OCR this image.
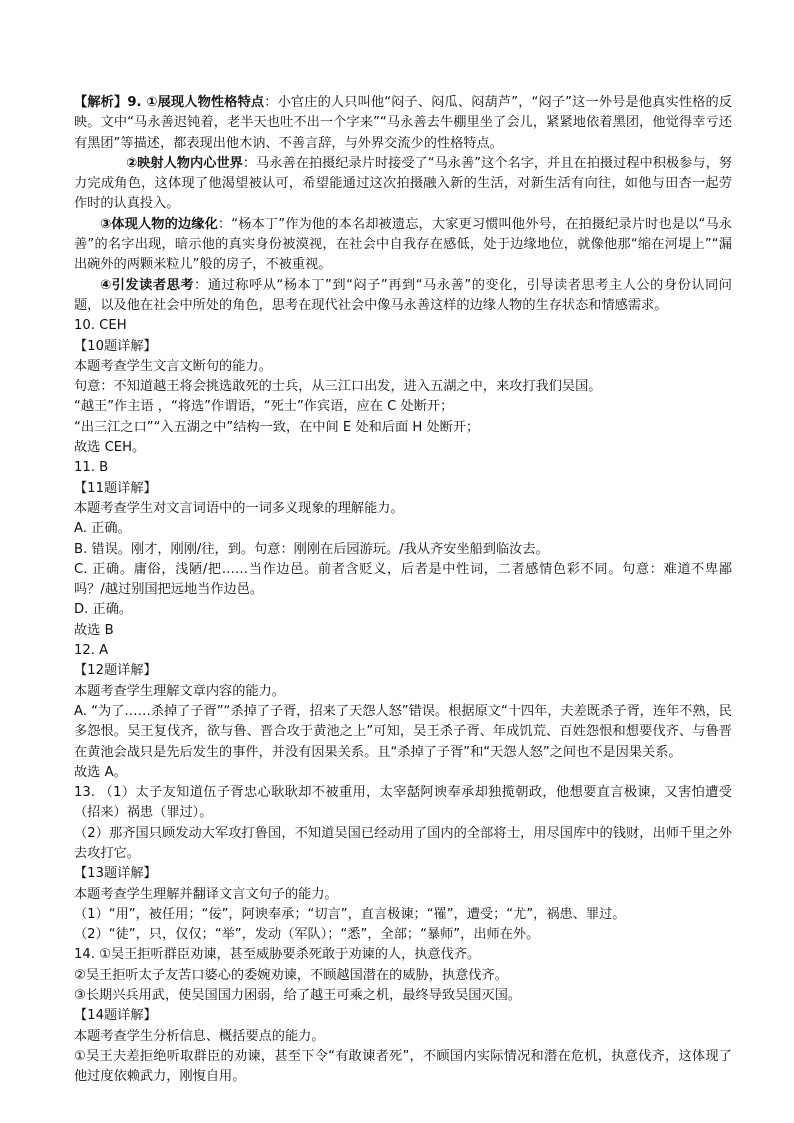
【解析】9. ①展现人物性格特点：小官庄的人只叫他“闷子、闷瓜、闷葫芦”，“闷子”这一外号是他真实性格的反映。文中“马永善迟钝着，老半天也吐不出一个字来”“马永善去牛棚里坐了会儿，紧紧地依着黑团，他觉得幸亏还有黑团”等描述，都表现出他木讷、不善言辞，与外界交流少的性格特点。

②映射人物内心世界：马永善在拍摄纪录片时接受了“马永善”这个名字，并且在拍摄过程中积极参与，努力完成角色，这体现了他渴望被认可，希望能通过这次拍摄融入新的生活，对新生活有向往，如他与田杏一起劳作时的认真投入。

③体现人物的边缘化：“杨本丁”作为他的本名却被遗忘，大家更习惯叫他外号，在拍摄纪录片时也是以“马永善”的名字出现，暗示他的真实身份被漠视，在社会中自我存在感低，处于边缘地位，就像他那“缩在河堤上”“漏出碗外的两颗米粒儿”般的房子，不被重视。

④引发读者思考：通过称呼从“杨本丁”到“闷子”再到“马永善”的变化，引导读者思考主人公的身份认同问题，以及他在社会中所处的角色，思考在现代社会中像马永善这样的边缘人物的生存状态和情感需求。

10. CEH

【10题详解】

本题考查学生文言文断句的能力。

句意：不知道越王将会挑选敢死的士兵，从三江口出发，进入五湖之中，来攻打我们吴国。

“越王”作主语 ，“将选”作谓语，“死士”作宾语，应在 C 处断开；

“出三江之口”“入五湖之中”结构一致，在中间 E 处和后面 H 处断开；

故选 CEH。

11. B

【11题详解】

本题考查学生对文言词语中的一词多义现象的理解能力。

A. 正确。

B. 错误。刚才，刚刚/往，到。句意：刚刚在后园游玩。/我从齐安坐船到临汝去。

C. 正确。庸俗，浅陋/把……当作边邑。前者含贬义，后者是中性词，二者感情色彩不同。句意：难道不卑鄙吗？/越过别国把远地当作边邑。

D. 正确。

故选 B

12. A

【12题详解】

本题考查学生理解文章内容的能力。

A. “为了……杀掉了子胥”“杀掉了子胥，招来了天怨人怒”错误。根据原文“十四年，夫差既杀子胥，连年不熟，民多怨恨。吴王复伐齐，欲与鲁、晋合攻于黄池之上”可知，吴王杀子胥、年成饥荒、百姓怨恨和想要伐齐、与鲁晋在黄池会战只是先后发生的事件，并没有因果关系。且“杀掉了子胥”和“天怨人怒”之间也不是因果关系。

故选 A。

13. （1）太子友知道伍子胥忠心耿耿却不被重用，太宰嚭阿谀奉承却独揽朝政，他想要直言极谏，又害怕遭受（招来）祸患（罪过）。

（2）那齐国只顾发动大军攻打鲁国，不知道吴国已经动用了国内的全部将士，用尽国库中的钱财，出师千里之外去攻打它。

【13题详解】

本题考查学生理解并翻译文言文句子的能力。

（1）“用”，被任用；“佞”，阿谀奉承；“切言”，直言极谏；“罹”，遭受；“尤”，祸患、罪过。

（2）“徒”，只，仅仅；“举”，发动（军队）；“悉”，全部；“暴师”，出师在外。

14. ①吴王拒听群臣劝谏，甚至威胁要杀死敢于劝谏的人，执意伐齐。

②吴王拒听太子友苦口婆心的委婉劝谏，不顾越国潜在的威胁，执意伐齐。

③长期兴兵用武，使吴国国力困弱，给了越王可乘之机，最终导致吴国灭国。

【14题详解】

本题考查学生分析信息、概括要点的能力。

①吴王夫差拒绝听取群臣的劝谏，甚至下令“有敢谏者死”，不顾国内实际情况和潜在危机，执意伐齐，这体现了他过度依赖武力，刚愎自用。
